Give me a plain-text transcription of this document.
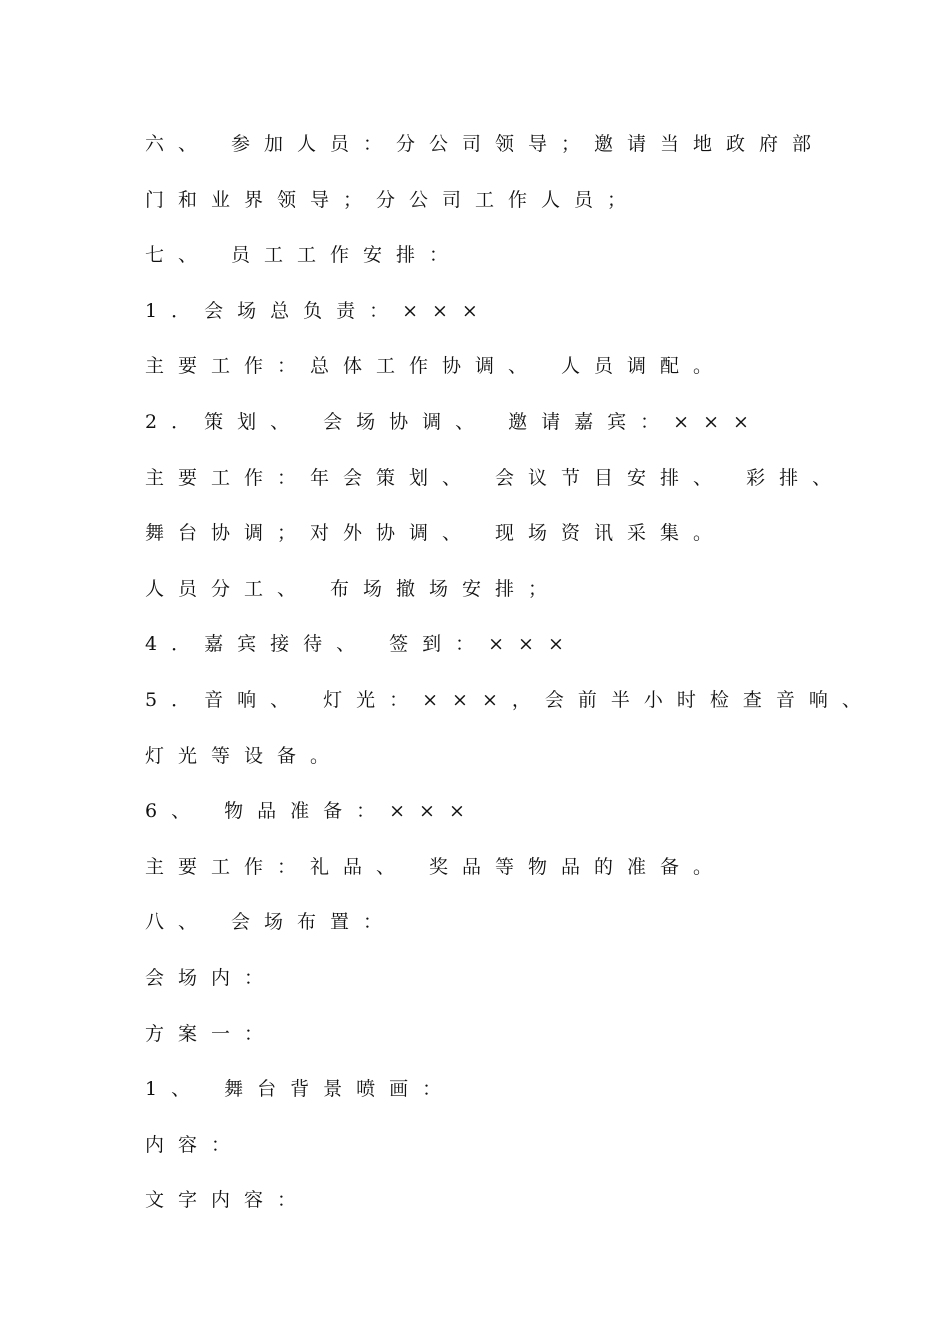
六、 参加人员：分公司领导；邀请当地政府部
门和业界领导；分公司工作人员；
七、 员工工作安排：
1．会场总负责：×××
主要工作：总体工作协调、 人员调配。
2．策划、 会场协调、 邀请嘉宾：×××
主要工作：年会策划、 会议节目安排、 彩排、
舞台协调；对外协调、 现场资讯采集。
人员分工、 布场撤场安排；
4．嘉宾接待、 签到：×××
5．音响、 灯光：×××，会前半小时检查音响、
灯光等设备。
6、 物品准备：×××
主要工作：礼品、 奖品等物品的准备。
八、 会场布置：
会场内：
方案一：
1、 舞台背景喷画：
内容：
文字内容：
